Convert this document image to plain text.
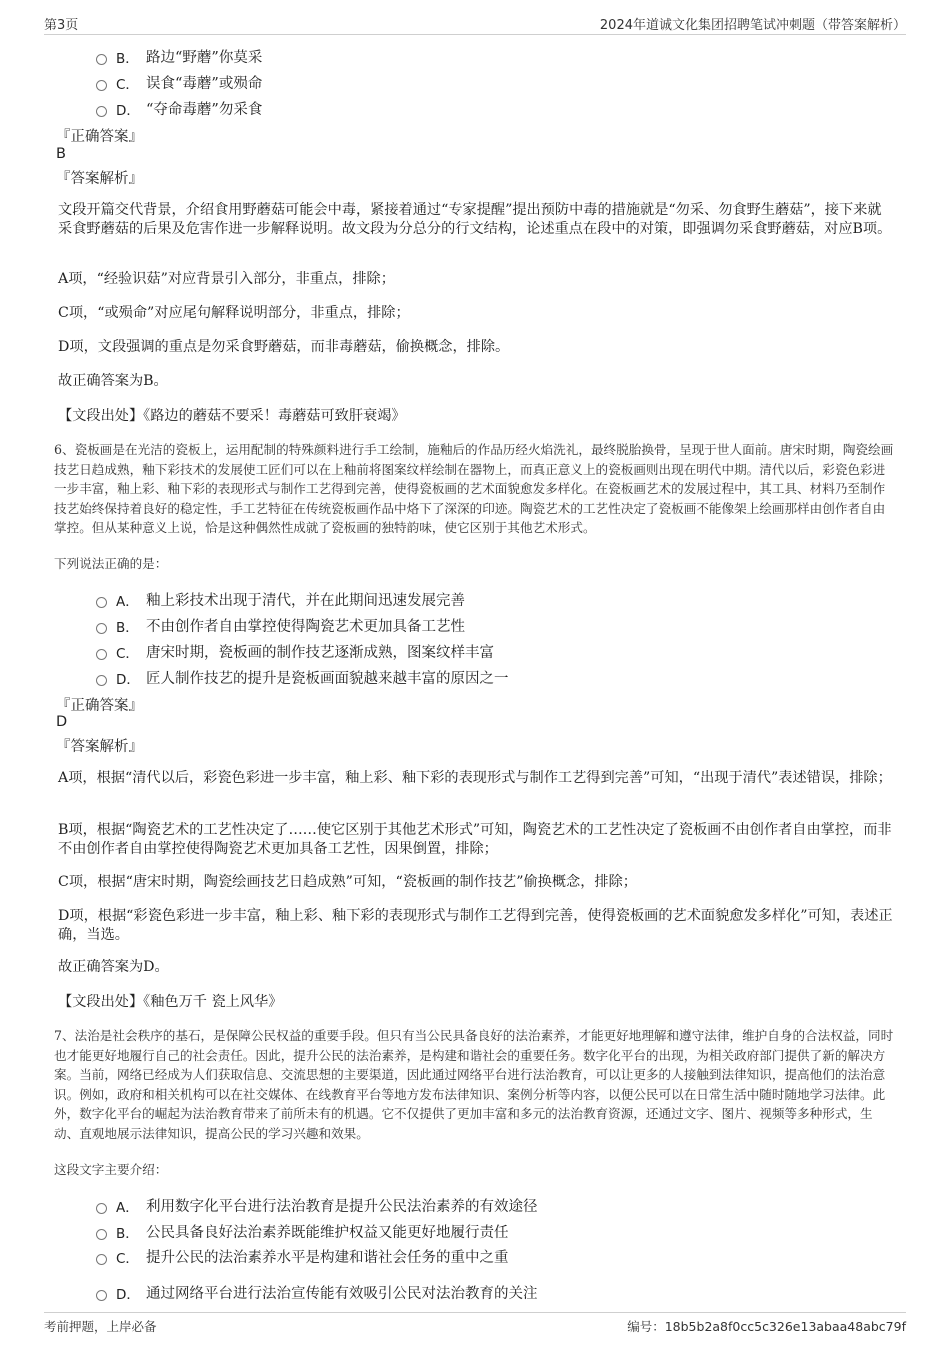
第3页	2024年道诚文化集团招聘笔试冲刺题（带答案解析）
B． 路边“野蘑”你莫采
C． 误食“毒蘑”或殒命
D． “夺命毒蘑”勿采食
『正确答案』
B
『答案解析』
文段开篇交代背景，介绍食用野蘑菇可能会中毒，紧接着通过“专家提醒”提出预防中毒的措施就是“勿采、勿食野生蘑菇”，接下来就采食野蘑菇的后果及危害作进一步解释说明。故文段为分总分的行文结构，论述重点在段中的对策，即强调勿采食野蘑菇，对应B项。
A项，“经验识菇”对应背景引入部分，非重点，排除；
C项，“或殒命”对应尾句解释说明部分，非重点，排除；
D项，文段强调的重点是勿采食野蘑菇，而非毒蘑菇，偷换概念，排除。
故正确答案为B。
【文段出处】《路边的蘑菇不要采！毒蘑菇可致肝衰竭》
6、瓷板画是在光洁的瓷板上，运用配制的特殊颜料进行手工绘制，施釉后的作品历经火焰洗礼，最终脱胎换骨，呈现于世人面前。唐宋时期，陶瓷绘画技艺日趋成熟，釉下彩技术的发展使工匠们可以在上釉前将图案纹样绘制在器物上，而真正意义上的瓷板画则出现在明代中期。清代以后，彩瓷色彩进一步丰富，釉上彩、釉下彩的表现形式与制作工艺得到完善，使得瓷板画的艺术面貌愈发多样化。在瓷板画艺术的发展过程中，其工具、材料乃至制作技艺始终保持着良好的稳定性，手工艺特征在传统瓷板画作品中烙下了深深的印迹。陶瓷艺术的工艺性决定了瓷板画不能像架上绘画那样由创作者自由掌控。但从某种意义上说，恰是这种偶然性成就了瓷板画的独特韵味，使它区别于其他艺术形式。
下列说法正确的是：
A． 釉上彩技术出现于清代，并在此期间迅速发展完善
B． 不由创作者自由掌控使得陶瓷艺术更加具备工艺性
C． 唐宋时期，瓷板画的制作技艺逐渐成熟，图案纹样丰富
D． 匠人制作技艺的提升是瓷板画面貌越来越丰富的原因之一
『正确答案』
D
『答案解析』
A项，根据“清代以后，彩瓷色彩进一步丰富，釉上彩、釉下彩的表现形式与制作工艺得到完善”可知，“出现于清代”表述错误，排除；
B项，根据“陶瓷艺术的工艺性决定了……使它区别于其他艺术形式”可知，陶瓷艺术的工艺性决定了瓷板画不由创作者自由掌控，而非不由创作者自由掌控使得陶瓷艺术更加具备工艺性，因果倒置，排除；
C项，根据“唐宋时期，陶瓷绘画技艺日趋成熟”可知，“瓷板画的制作技艺”偷换概念，排除；
D项，根据“彩瓷色彩进一步丰富，釉上彩、釉下彩的表现形式与制作工艺得到完善，使得瓷板画的艺术面貌愈发多样化”可知，表述正确，当选。
故正确答案为D。
【文段出处】《釉色万千 瓷上风华》
7、法治是社会秩序的基石，是保障公民权益的重要手段。但只有当公民具备良好的法治素养，才能更好地理解和遵守法律，维护自身的合法权益，同时也才能更好地履行自己的社会责任。因此，提升公民的法治素养，是构建和谐社会的重要任务。数字化平台的出现，为相关政府部门提供了新的解决方案。当前，网络已经成为人们获取信息、交流思想的主要渠道，因此通过网络平台进行法治教育，可以让更多的人接触到法律知识，提高他们的法治意识。例如，政府和相关机构可以在社交媒体、在线教育平台等地方发布法律知识、案例分析等内容，以便公民可以在日常生活中随时随地学习法律。此外，数字化平台的崛起为法治教育带来了前所未有的机遇。它不仅提供了更加丰富和多元的法治教育资源，还通过文字、图片、视频等多种形式，生动、直观地展示法律知识，提高公民的学习兴趣和效果。
这段文字主要介绍：
A． 利用数字化平台进行法治教育是提升公民法治素养的有效途径
B． 公民具备良好法治素养既能维护权益又能更好地履行责任
C． 提升公民的法治素养水平是构建和谐社会任务的重中之重
D． 通过网络平台进行法治宣传能有效吸引公民对法治教育的关注
考前押题，上岸必备	编号：18b5b2a8f0cc5c326e13abaa48abc79f
